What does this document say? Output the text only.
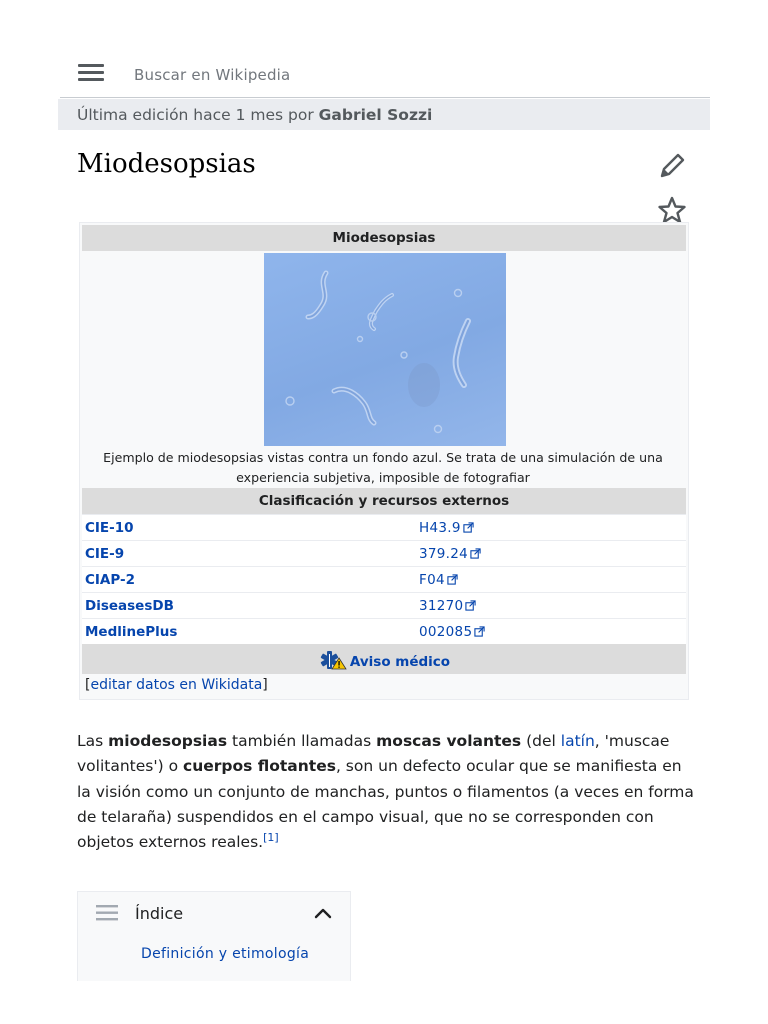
Buscar en Wikipedia
Última edición hace 1 mes por Gabriel Sozzi
Miodesopsias
Miodesopsias
Ejemplo de miodesopsias vistas contra un fondo azul. Se trata de una simulación de una experiencia subjetiva, imposible de fotografiar
Clasificación y recursos externos
CIE-10	H43.9
CIE-9	379.24
CIAP-2	F04
DiseasesDB	31270
MedlinePlus	002085
Aviso médico
[editar datos en Wikidata]

Las miodesopsias también llamadas moscas volantes (del latín, 'muscae volitantes') o cuerpos flotantes, son un defecto ocular que se manifiesta en la visión como un conjunto de manchas, puntos o filamentos (a veces en forma de telaraña) suspendidos en el campo visual, que no se corresponden con objetos externos reales.[1]

Índice
Definición y etimología
